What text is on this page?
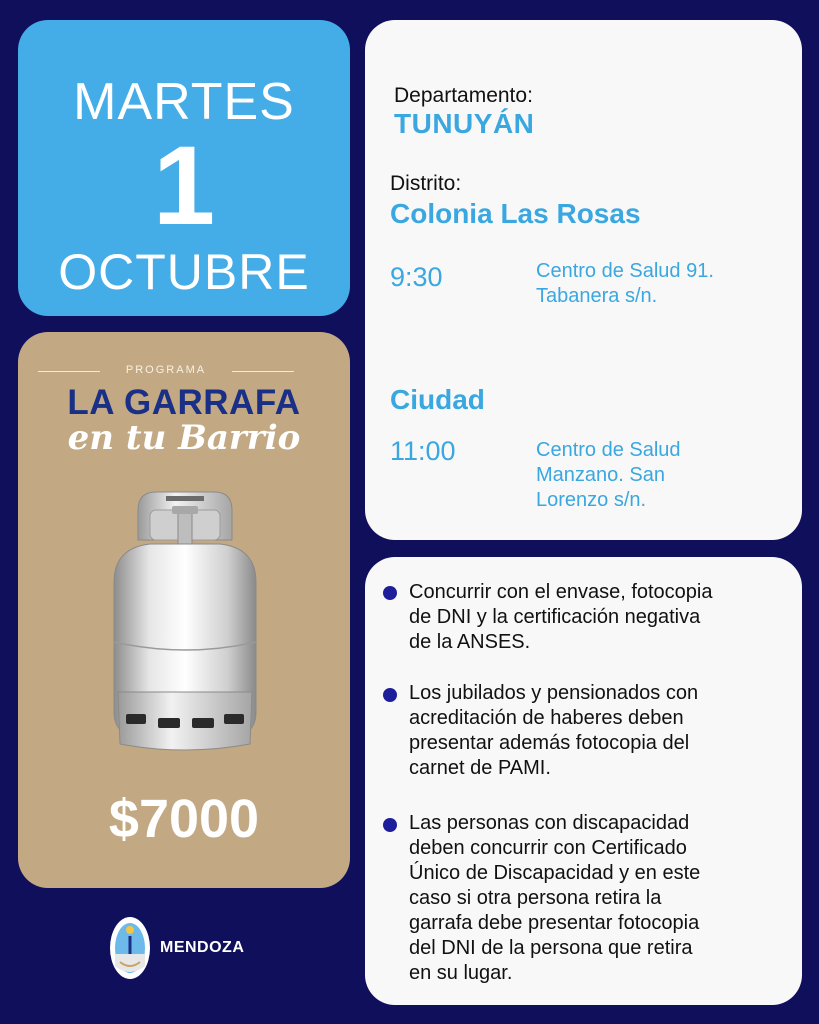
MARTES
1
OCTUBRE
PROGRAMA
LA GARRAFA
en tu Barrio
$7000
Departamento:
TUNUYÁN
Distrito:
Colonia Las Rosas
9:30	Centro de Salud 91.
Tabanera s/n.
Ciudad
11:00	Centro de Salud
Manzano. San
Lorenzo s/n.
Concurrir con el envase, fotocopia
de DNI y la certificación negativa
de la ANSES.
Los jubilados y pensionados con
acreditación de haberes deben
presentar además fotocopia del
carnet de PAMI.
Las personas con discapacidad
deben concurrir con Certificado
Único de Discapacidad y en este
caso si otra persona retira la
garrafa debe presentar fotocopia
del DNI de la persona que retira
en su lugar.
MENDOZA
